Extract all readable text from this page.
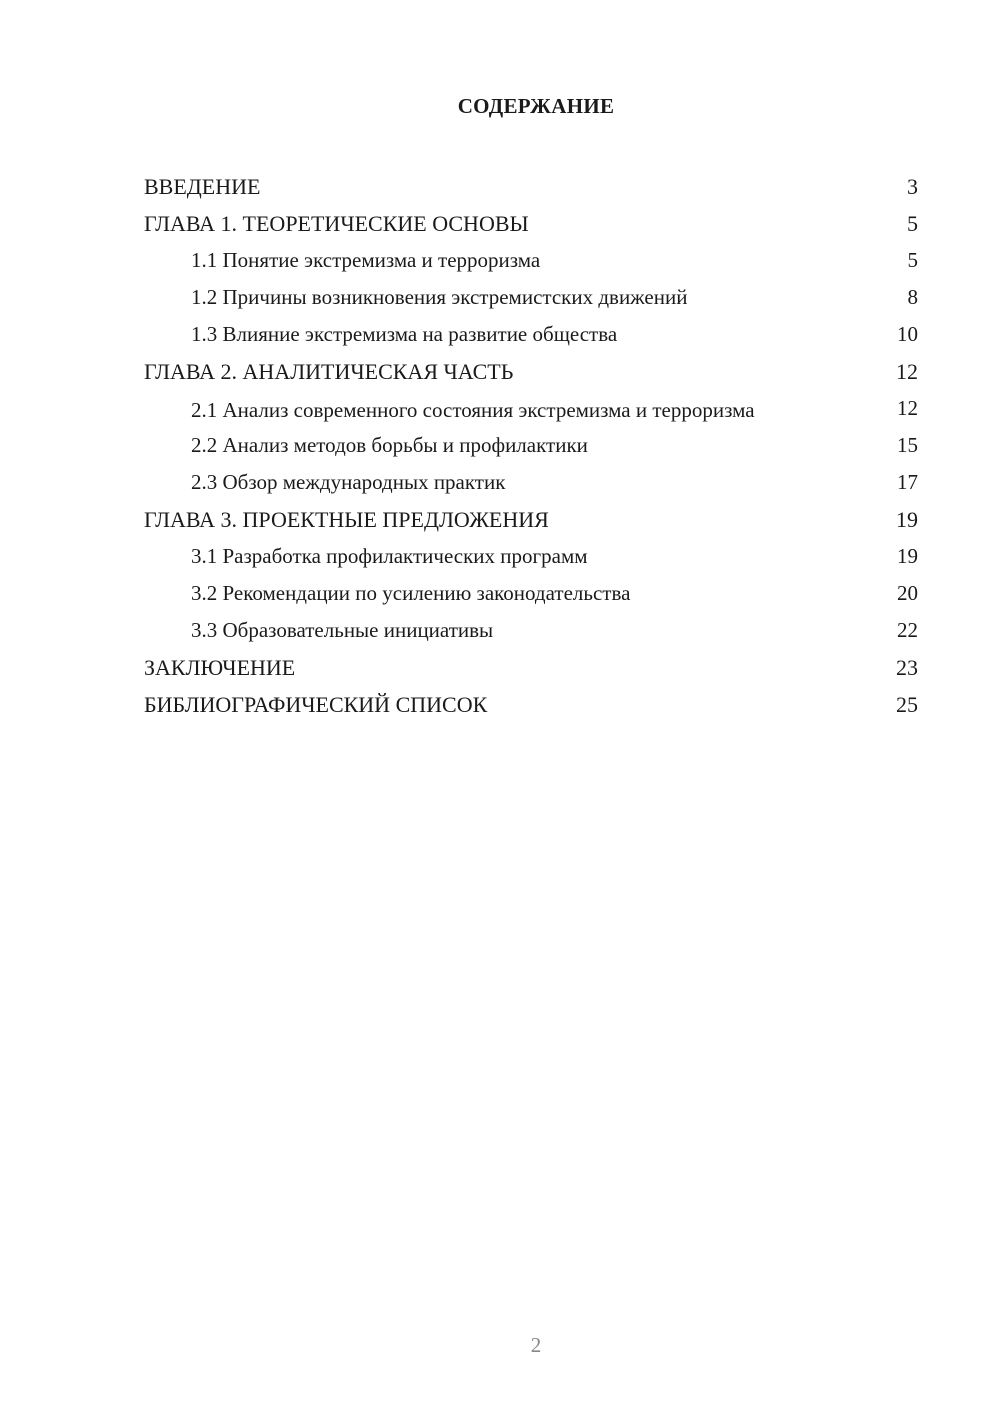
СОДЕРЖАНИЕ
ВВЕДЕНИЕ	3
ГЛАВА 1. ТЕОРЕТИЧЕСКИЕ ОСНОВЫ	5
1.1 Понятие экстремизма и терроризма	5
1.2 Причины возникновения экстремистских движений	8
1.3 Влияние экстремизма на развитие общества	10
ГЛАВА 2. АНАЛИТИЧЕСКАЯ ЧАСТЬ	12
2.1 Анализ современного состояния экстремизма и терроризма	12
2.2 Анализ методов борьбы и профилактики	15
2.3 Обзор международных практик	17
ГЛАВА 3. ПРОЕКТНЫЕ ПРЕДЛОЖЕНИЯ	19
3.1 Разработка профилактических программ	19
3.2 Рекомендации по усилению законодательства	20
3.3 Образовательные инициативы	22
ЗАКЛЮЧЕНИЕ	23
БИБЛИОГРАФИЧЕСКИЙ СПИСОК	25
2
